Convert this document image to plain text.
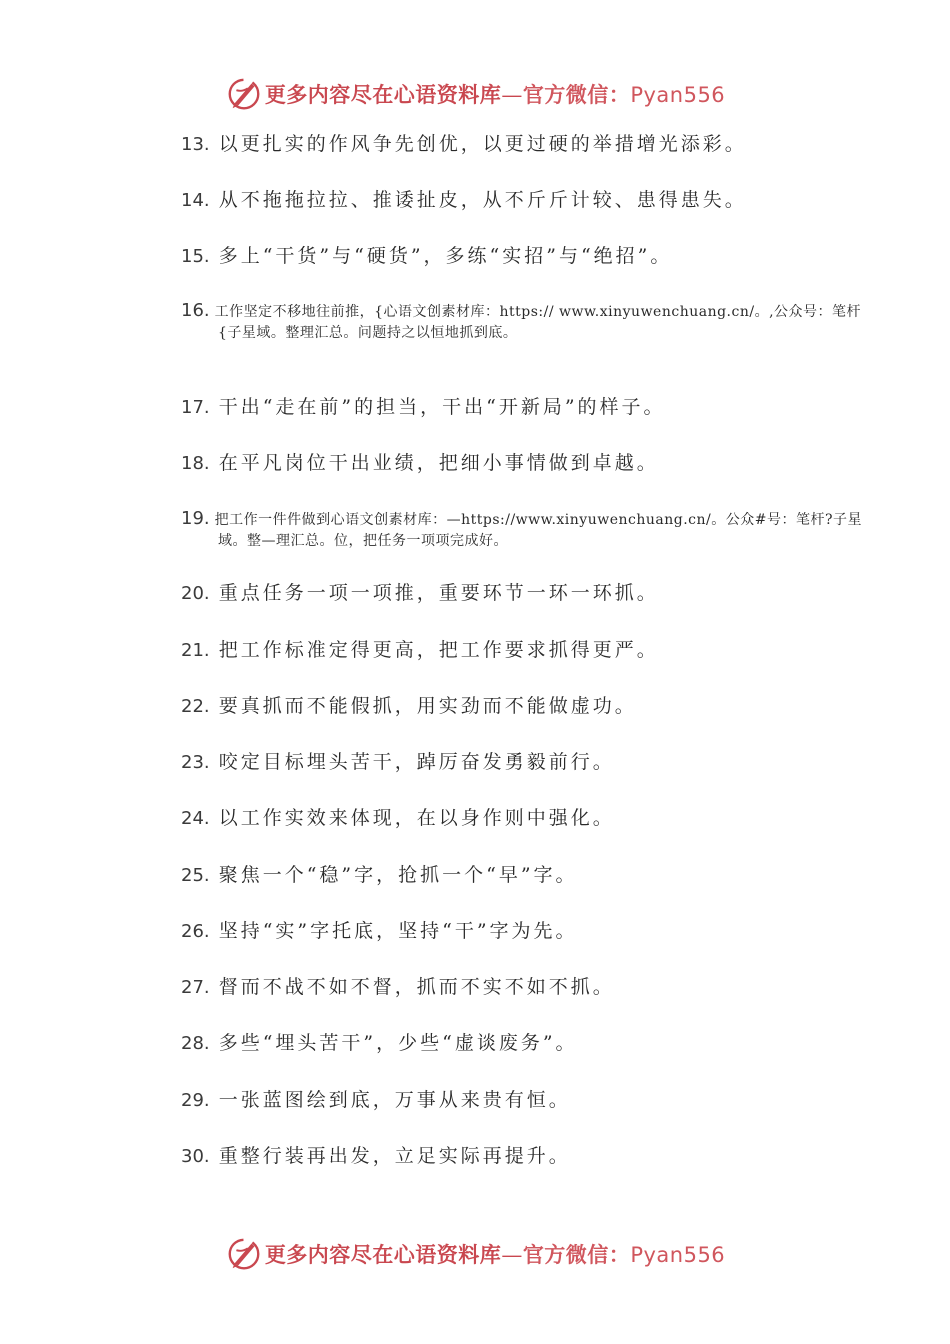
更多内容尽在心语资料库—官方微信：Pyan556
13. 以更扎实的作风争先创优，以更过硬的举措增光添彩。
14. 从不拖拖拉拉、推诿扯皮，从不斤斤计较、患得患失。
15. 多上“干货”与“硬货”，多练“实招”与“绝招”。
16. 工作坚定不移地往前推，{心语文创素材库：https:// www.xinyuwenchuang.cn/。,公众号：笔杆{子星域。整理汇总。问题持之以恒地抓到底。
17. 干出“走在前”的担当，干出“开新局”的样子。
18. 在平凡岗位干出业绩，把细小事情做到卓越。
19. 把工作一件件做到心语文创素材库：—https://www.xinyuwenchuang.cn/。公众#号：笔杆?子星域。整—理汇总。位，把任务一项项完成好。
20. 重点任务一项一项推，重要环节一环一环抓。
21. 把工作标准定得更高，把工作要求抓得更严。
22. 要真抓而不能假抓，用实劲而不能做虚功。
23. 咬定目标埋头苦干，踔厉奋发勇毅前行。
24. 以工作实效来体现，在以身作则中强化。
25. 聚焦一个“稳”字，抢抓一个“早”字。
26. 坚持“实”字托底，坚持“干”字为先。
27. 督而不战不如不督，抓而不实不如不抓。
28. 多些“埋头苦干”，少些“虚谈废务”。
29. 一张蓝图绘到底，万事从来贵有恒。
30. 重整行装再出发，立足实际再提升。
更多内容尽在心语资料库—官方微信：Pyan556
